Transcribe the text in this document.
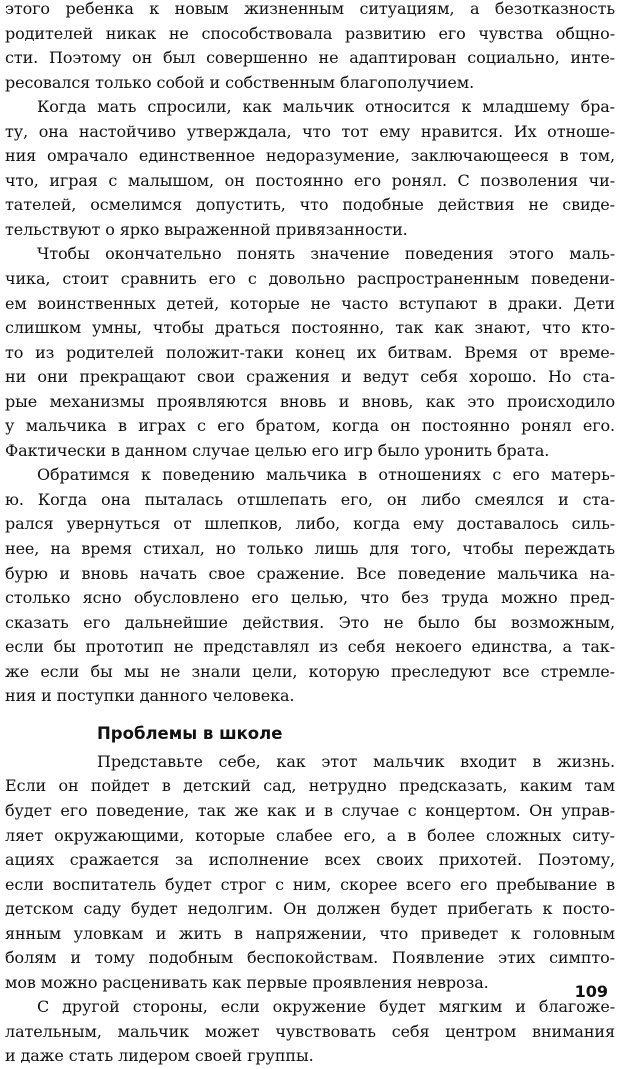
этого ребенка к новым жизненным ситуациям, а безотказность
родителей никак не способствовала развитию его чувства общно-
сти. Поэтому он был совершенно не адаптирован социально, инте-
ресовался только собой и собственным благополучием.
Когда мать спросили, как мальчик относится к младшему бра-
ту, она настойчиво утверждала, что тот ему нравится. Их отноше-
ния омрачало единственное недоразумение, заключающееся в том,
что, играя с малышом, он постоянно его ронял. С позволения чи-
тателей, осмелимся допустить, что подобные действия не свиде-
тельствуют о ярко выраженной привязанности.
Чтобы окончательно понять значение поведения этого маль-
чика, стоит сравнить его с довольно распространенным поведени-
ем воинственных детей, которые не часто вступают в драки. Дети
слишком умны, чтобы драться постоянно, так как знают, что кто-
то из родителей положит-таки конец их битвам. Время от време-
ни они прекращают свои сражения и ведут себя хорошо. Но ста-
рые механизмы проявляются вновь и вновь, как это происходило
у мальчика в играх с его братом, когда он постоянно ронял его.
Фактически в данном случае целью его игр было уронить брата.
Обратимся к поведению мальчика в отношениях с его матерь-
ю. Когда она пыталась отшлепать его, он либо смеялся и ста-
рался увернуться от шлепков, либо, когда ему доставалось силь-
нее, на время стихал, но только лишь для того, чтобы переждать
бурю и вновь начать свое сражение. Все поведение мальчика на-
столько ясно обусловлено его целью, что без труда можно пред-
сказать его дальнейшие действия. Это не было бы возможным,
если бы прототип не представлял из себя некоего единства, а так-
же если бы мы не знали цели, которую преследуют все стремле-
ния и поступки данного человека.
Проблемы в школе
Представьте себе, как этот мальчик входит в жизнь.
Если он пойдет в детский сад, нетрудно предсказать, каким там
будет его поведение, так же как и в случае с концертом. Он управ-
ляет окружающими, которые слабее его, а в более сложных ситу-
ациях сражается за исполнение всех своих прихотей. Поэтому,
если воспитатель будет строг с ним, скорее всего его пребывание в
детском саду будет недолгим. Он должен будет прибегать к посто-
янным уловкам и жить в напряжении, что приведет к головным
болям и тому подобным беспокойствам. Появление этих симпто-
мов можно расценивать как первые проявления невроза.
С другой стороны, если окружение будет мягким и благоже-
лательным, мальчик может чувствовать себя центром внимания
и даже стать лидером своей группы.
109
